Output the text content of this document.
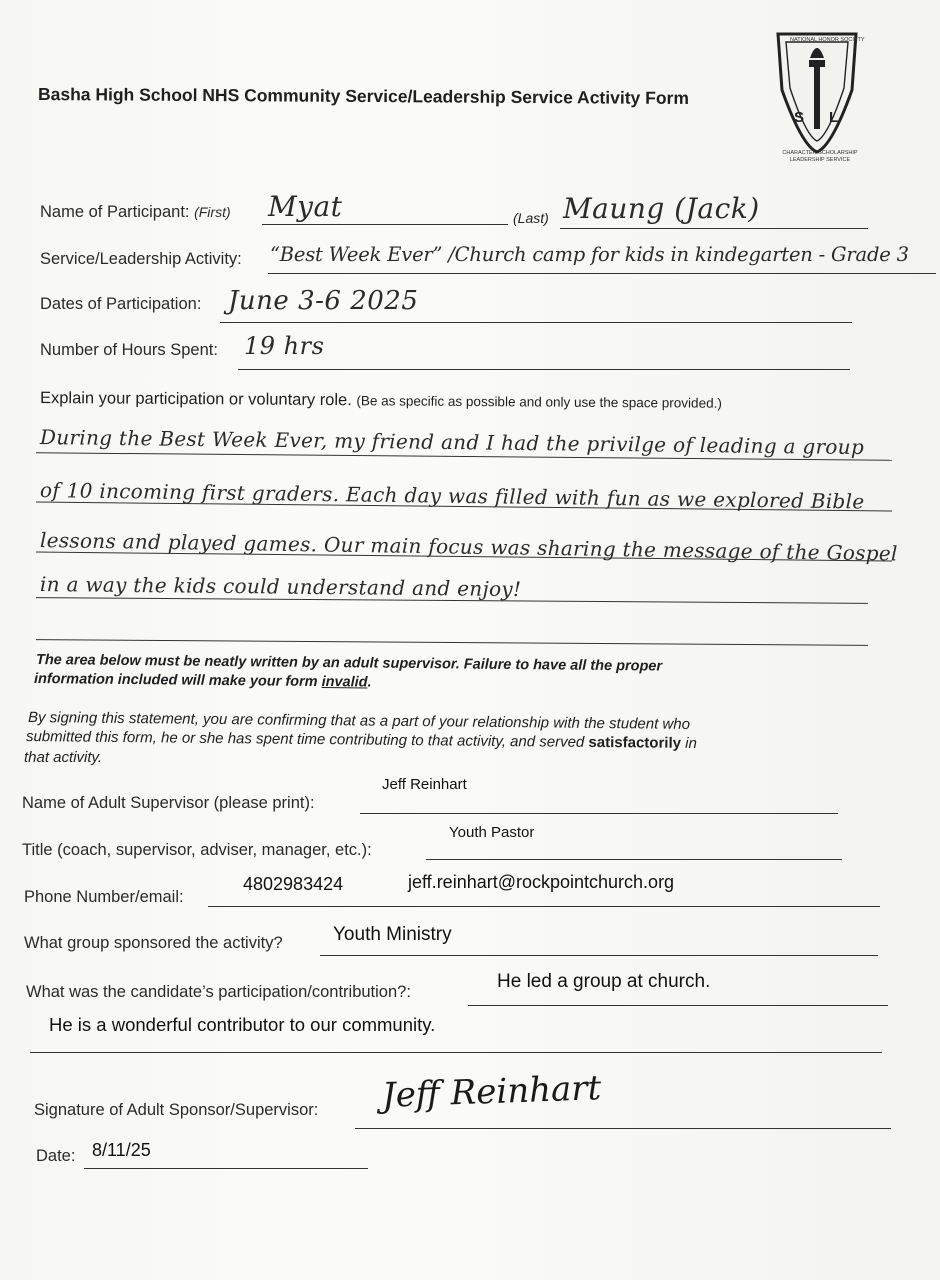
Basha High School NHS Community Service/Leadership Service Activity Form
S L
NATIONAL HONOR SOCIETY
CHARACTER SCHOLARSHIP LEADERSHIP SERVICE
Name of Participant: (First) Myat	(Last) Maung (Jack)
Service/Leadership Activity: “Best Week Ever” /Church camp for kids in kindegarten - Grade 3
Dates of Participation: June 3-6 2025
Number of Hours Spent: 19 hrs
Explain your participation or voluntary role. (Be as specific as possible and only use the space provided.)
During the Best Week Ever, my friend and I had the privilge of leading a group
of 10 incoming first graders. Each day was filled with fun as we explored Bible
lessons and played games. Our main focus was sharing the message of the Gospel
in a way the kids could understand and enjoy!
The area below must be neatly written by an adult supervisor. Failure to have all the proper
information included will make your form invalid.
By signing this statement, you are confirming that as a part of your relationship with the student who
submitted this form, he or she has spent time contributing to that activity, and served satisfactorily in
that activity.
Name of Adult Supervisor (please print):
Jeff Reinhart
Title (coach, supervisor, adviser, manager, etc.):
Youth Pastor
Phone Number/email:
4802983424	jeff.reinhart@rockpointchurch.org
What group sponsored the activity?	Youth Ministry
What was the candidate’s participation/contribution?:	He led a group at church.
He is a wonderful contributor to our community.
Signature of Adult Sponsor/Supervisor: Jeff Reinhart
Date: 8/11/25
